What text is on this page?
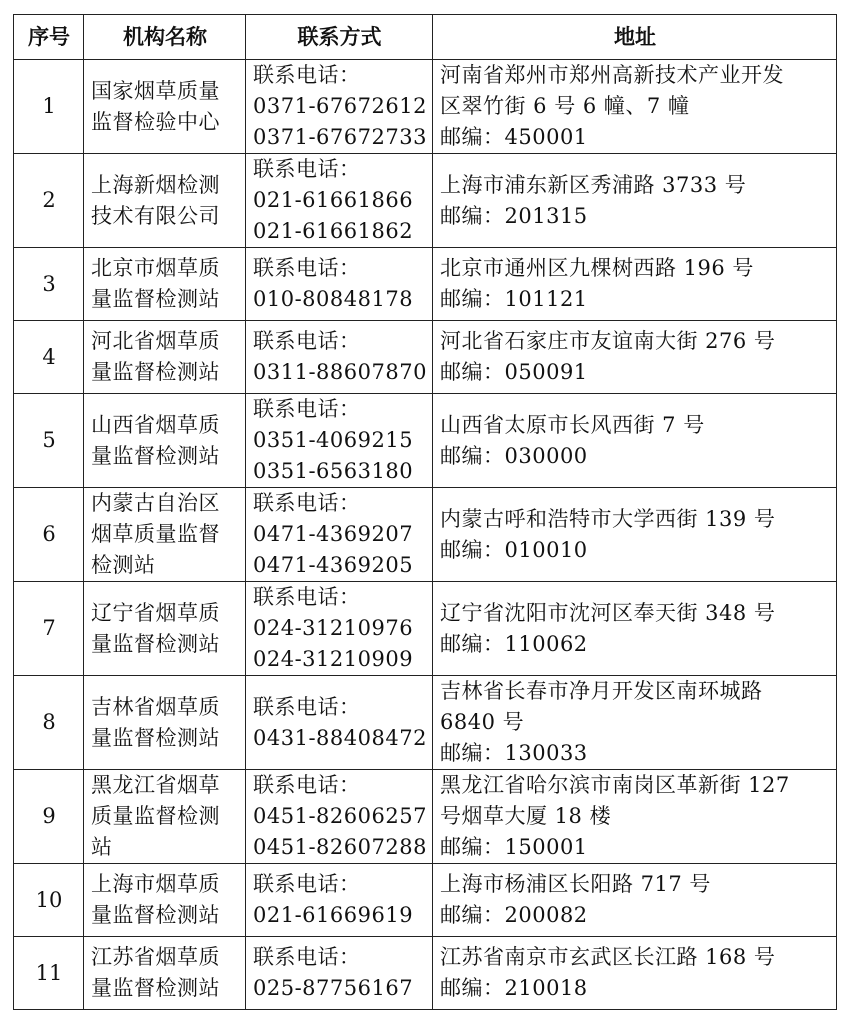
序号	机构名称	联系方式	地址
1	国家烟草质量
监督检验中心	联系电话：
0371-67672612
0371-67672733	河南省郑州市郑州高新技术产业开发
区翠竹街 6 号 6 幢、7 幢
邮编：450001

2	上海新烟检测
技术有限公司	联系电话：
021-61661866
021-61661862	上海市浦东新区秀浦路 3733 号
邮编：201315

3	北京市烟草质
量监督检测站	联系电话：
010-80848178	北京市通州区九棵树西路 196 号
邮编：101121

4	河北省烟草质
量监督检测站	联系电话：
0311-88607870	河北省石家庄市友谊南大街 276 号
邮编：050091

5	山西省烟草质
量监督检测站	联系电话：
0351-4069215
0351-6563180	山西省太原市长风西街 7 号
邮编：030000

6	内蒙古自治区
烟草质量监督
检测站	联系电话：
0471-4369207
0471-4369205	内蒙古呼和浩特市大学西街 139 号
邮编：010010

7	辽宁省烟草质
量监督检测站	联系电话：
024-31210976
024-31210909	辽宁省沈阳市沈河区奉天街 348 号
邮编：110062

8	吉林省烟草质
量监督检测站	联系电话：
0431-88408472	吉林省长春市净月开发区南环城路
6840 号
邮编：130033

9	黑龙江省烟草
质量监督检测
站	联系电话：
0451-82606257
0451-82607288	黑龙江省哈尔滨市南岗区革新街 127
号烟草大厦 18 楼
邮编：150001

10	上海市烟草质
量监督检测站	联系电话：
021-61669619	上海市杨浦区长阳路 717 号
邮编：200082

11	江苏省烟草质
量监督检测站	联系电话：
025-87756167	江苏省南京市玄武区长江路 168 号
邮编：210018
